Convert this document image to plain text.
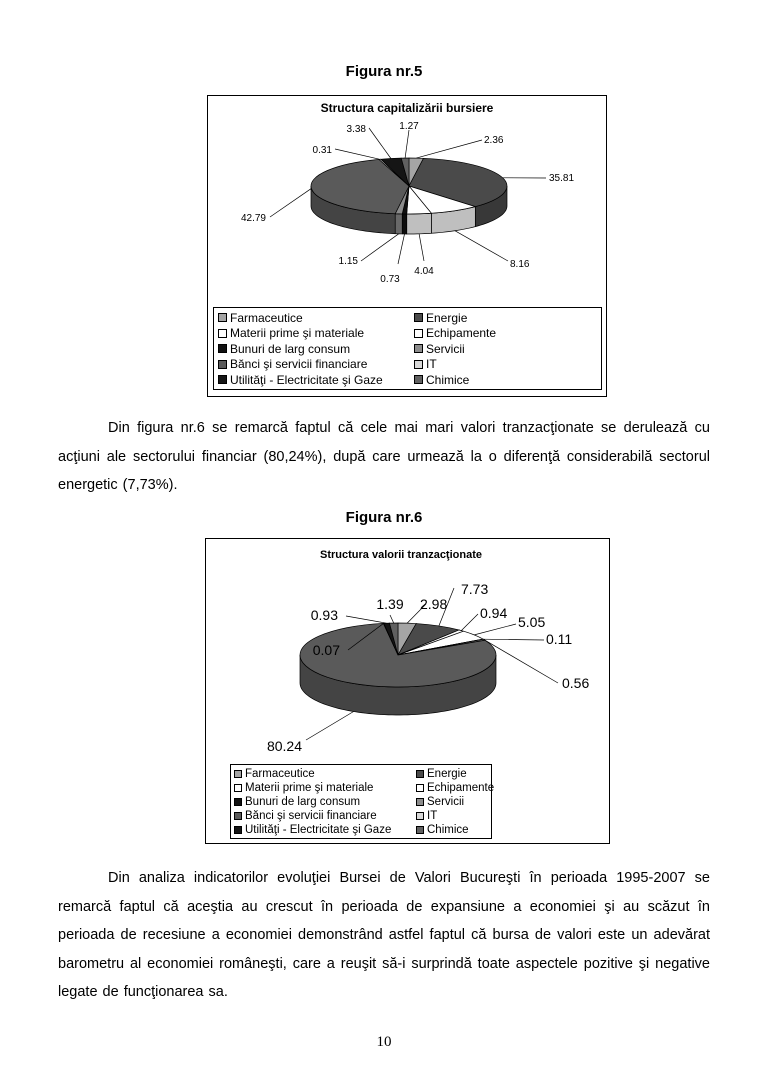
Figura nr.5
Structura capitalizării bursiere
2.36
35.81
8.16
4.04
0.73
1.15
42.79
0.31
3.38	1.27
Farmaceutice	Energie
Materii prime şi materiale	Echipamente
Bunuri de larg consum	Servicii
Bănci şi servicii financiare	IT
Utilităţi - Electricitate şi Gaze	Chimice
Din figura nr.6 se remarcă faptul că cele mai mari valori tranzacţionate se derulează cu acţiuni ale sectorului financiar (80,24%), după care urmează la o diferenţă considerabilă sectorul energetic (7,73%).
Figura nr.6
Structura valorii tranzacţionate
2.98
7.73
0.94
5.05
0.11
0.56
80.24
0.07
0.93
1.39
Farmaceutice	Energie
Materii prime şi materiale	Echipamente
Bunuri de larg consum	Servicii
Bănci şi servicii financiare	IT
Utilităţi - Electricitate şi Gaze	Chimice
Din analiza indicatorilor evoluţiei Bursei de Valori Bucureşti în perioada 1995-2007 se remarcă faptul că aceştia au crescut în perioada de expansiune a economiei şi au scăzut în perioada de recesiune a economiei demonstrând astfel faptul că bursa de valori este un adevărat barometru al economiei româneşti, care a reuşit să-i surprindă toate aspectele pozitive şi negative legate de funcţionarea sa.
10
